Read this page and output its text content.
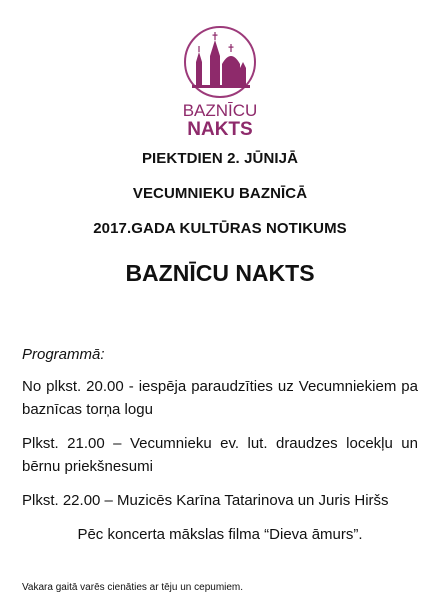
BAZNĪCU
NAKTS
PIEKTDIEN 2. JŪNIJĀ
VECUMNIEKU BAZNĪCĀ
2017.GADA KULTŪRAS NOTIKUMS
BAZNĪCU NAKTS
Programmā:
No plkst. 20.00 - iespēja paraudzīties uz Vecumniekiem pa baznīcas torņa logu
Plkst. 21.00 – Vecumnieku ev. lut. draudzes locekļu un bērnu priekšnesumi
Plkst. 22.00 – Muzicēs Karīna Tatarinova un Juris Hiršs
Pēc koncerta mākslas filma “Dieva āmurs”.
Vakara gaitā varēs cienāties ar tēju un cepumiem.
